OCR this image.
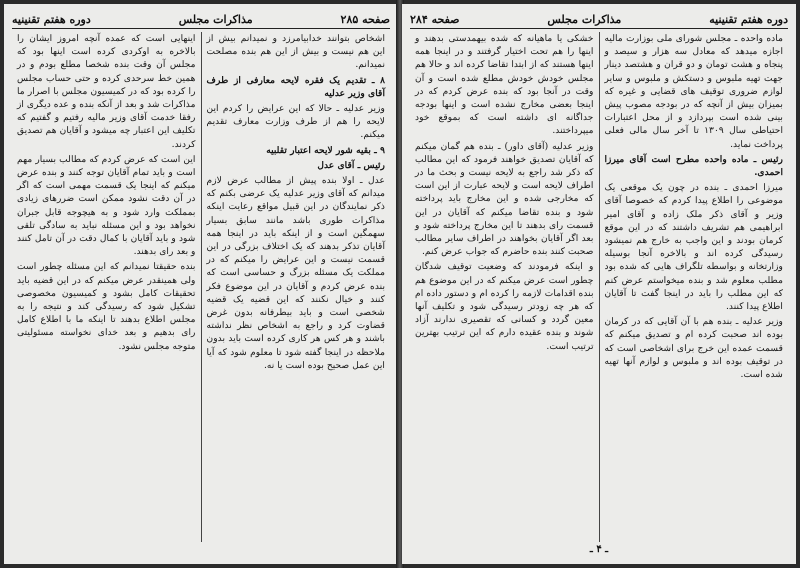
صفحه ۲۸۵
مذاکرات مجلس
دوره هفتم تقنینیه

اشخاص بتوانند خدابیامرزد و نمیدانم بیش از این هم نیست و بیش از این هم بنده مصلحت نمیدانم.

۸ ـ تقدیم یک فقره لایحه معارفی از طرف آقای وزیر عدلیه

وزیر عدلیه ـ حالا که این عرایض را کردم این لایحه را هم از طرف وزارت معارف تقدیم میکنم.

۹ ـ بقیه شور لایحه اعتبار تقلبیه

رئیس ـ آقای عدل

عدل ـ اولا بنده پیش از مطالب عرض لازم میدانم که آقای وزیر عدلیه یک عرضی بکنم که ذکر نمایندگان در این قبیل مواقع رعایت اینکه مذاکرات طوری باشد مانند سابق بسیار سهمگین است و از اینکه باید در اینجا همه آقایان تذکر بدهند که یک اختلاف بزرگی در این قسمت نیست و این عرایض را میکنم که در مملکت یک مسئله بزرگ و حساسی است که بنده عرض کردم و آقایان در این موضوع فکر کنند و خیال نکنند که این قضیه یک قضیه شخصی است و باید بیطرفانه بدون غرض قضاوت کرد و راجع به اشخاص نظر نداشته باشند و هر کس هر کاری کرده است باید بدون ملاحظه در اینجا گفته شود تا معلوم شود که آیا این عمل صحیح بوده است یا نه.

اینهایی است که عمده آنچه امروز ایشان را بالاخره به اوکردی کرده است اینها بود که مجلس آن وقت بنده شخصا مطلع بودم و در همین خط سرحدی کرده و حتی حساب مجلس را کرده بود که در کمیسیون مجلس با اصرار ما مذاکرات شد و بعد از آنکه بنده و عده دیگری از رفقا خدمت آقای وزیر مالیه رفتیم و گفتیم که تکلیف این اعتبار چه میشود و آقایان هم تصدیق کردند.

این است که عرض کردم که مطالب بسیار مهم است و باید تمام آقایان توجه کنند و بنده عرض میکنم که اینجا یک قسمت مهمی است که اگر در آن دقت نشود ممکن است ضررهای زیادی بمملکت وارد شود و به هیچوجه قابل جبران نخواهد بود و این مسئله نباید به سادگی تلقی شود و باید آقایان با کمال دقت در آن تامل کنند و بعد رای بدهند.

بنده حقیقتا نمیدانم که این مسئله چطور است ولی همینقدر عرض میکنم که در این قضیه باید تحقیقات کامل بشود و کمیسیون مخصوصی تشکیل شود که رسیدگی کند و نتیجه را به مجلس اطلاع بدهند تا اینکه ما با اطلاع کامل رای بدهیم و بعد خدای نخواسته مسئولیتی متوجه مجلس نشود.

دوره هفتم تقنینیه
مذاکرات مجلس
صفحه ۲۸۴

ماده واحده ـ مجلس شورای ملی بوزارت مالیه اجازه میدهد که معادل سه هزار و سیصد و پنجاه و هشت تومان و دو قران و هشتصد دینار جهت تهیه ملبوس و دستکش و ملبوس و سایر لوازم ضروری توقیف های قضایی و غیره که بمیزان بیش از آنچه که در بودجه مصوب پیش بینی شده است بپردازد و از محل اعتبارات احتیاطی سال ۱۳۰۹ تا آخر سال مالی فعلی پرداخت نماید.

رئیس ـ ماده واحده مطرح است آقای میرزا احمدی.

میرزا احمدی ـ بنده در چون یک موقعی یک موضوعی را اطلاع پیدا کردم که خصوصا آقای وزیر و آقای ذکر ملک زاده و آقای امیر ابراهیمی هم تشریف داشتند که در این موقع کرمان بودند و این واجب به خارج هم نمیشود رسیدگی کرده اند و بالاخره آنجا بوسیله وزارتخانه و بواسطه تلگراف هایی که شده بود مطلب معلوم شد و بنده میخواستم عرض کنم که این مطلب را باید در اینجا گفت تا آقایان اطلاع پیدا کنند.

وزیر عدلیه ـ بنده هم با آن آقایی که در کرمان بوده اند صحبت کرده ام و تصدیق میکنم که قسمت عمده این خرج برای اشخاصی است که در توقیف بوده اند و ملبوس و لوازم آنها تهیه شده است.

خشکی یا ماهیانه که شده بیهمدستی بدهند و اینها را هم تحت اختیار گرفتند و در اینجا همه اینها هستند که از ابتدا تقاضا کرده اند و حالا هم مجلس خودش خودش مطلع شده است و آن وقت در آنجا بود که بنده عرض کردم که در اینجا بعضی مخارج نشده است و اینها بودجه جداگانه ای داشته است که بموقع خود میپرداختند.

وزیر عدلیه (آقای داور) ـ بنده هم گمان میکنم که آقایان تصدیق خواهند فرمود که این مطالب که ذکر شد راجع به لایحه نیست و بحث ما در اطراف لایحه است و لایحه عبارت از این است که مخارجی شده و این مخارج باید پرداخته شود و بنده تقاضا میکنم که آقایان در این قسمت رای بدهند تا این مخارج پرداخته شود و بعد اگر آقایان بخواهند در اطراف سایر مطالب صحبت کنند بنده حاضرم که جواب عرض کنم.

و اینکه فرمودند که وضعیت توقیف شدگان چطور است عرض میکنم که در این موضوع هم بنده اقدامات لازمه را کرده ام و دستور داده ام که هر چه زودتر رسیدگی شود و تکلیف آنها معین گردد و کسانی که تقصیری ندارند آزاد شوند و بنده عقیده دارم که این ترتیب بهترین ترتیب است.

ـ ۴ ـ
